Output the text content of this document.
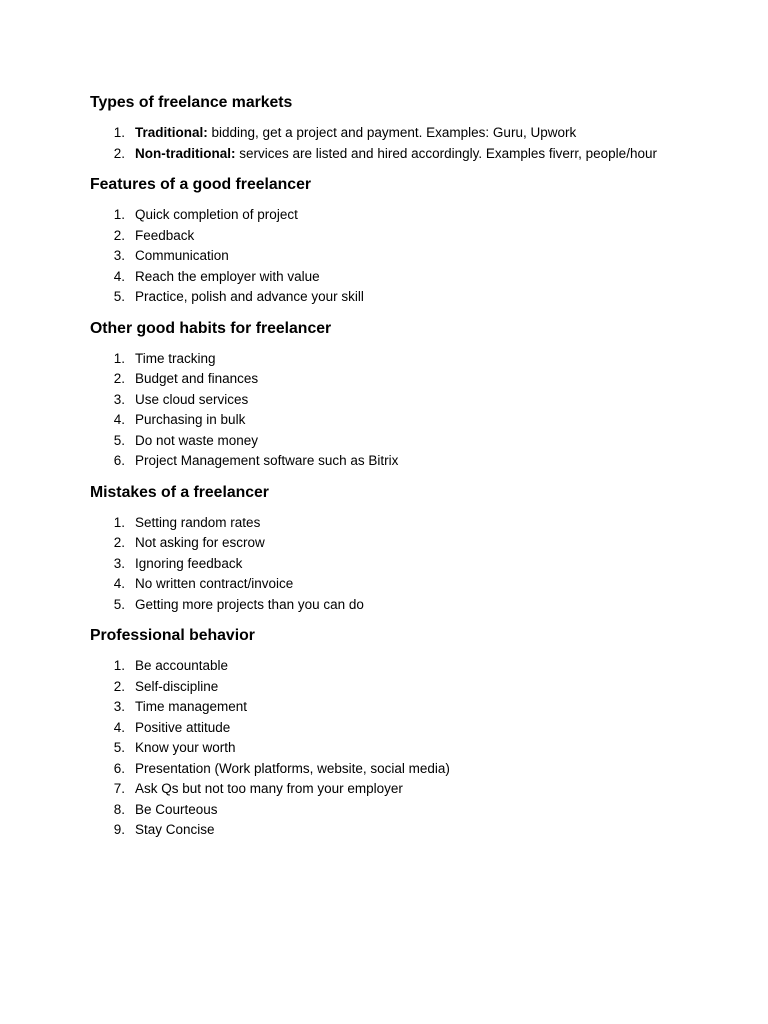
Types of freelance markets
1. Traditional: bidding, get a project and payment. Examples: Guru, Upwork
2. Non-traditional: services are listed and hired accordingly. Examples fiverr, people/hour
Features of a good freelancer
1. Quick completion of project
2. Feedback
3. Communication
4. Reach the employer with value
5. Practice, polish and advance your skill
Other good habits for freelancer
1. Time tracking
2. Budget and finances
3. Use cloud services
4. Purchasing in bulk
5. Do not waste money
6. Project Management software such as Bitrix
Mistakes of a freelancer
1. Setting random rates
2. Not asking for escrow
3. Ignoring feedback
4. No written contract/invoice
5. Getting more projects than you can do
Professional behavior
1. Be accountable
2. Self-discipline
3. Time management
4. Positive attitude
5. Know your worth
6. Presentation (Work platforms, website, social media)
7. Ask Qs but not too many from your employer
8. Be Courteous
9. Stay Concise
